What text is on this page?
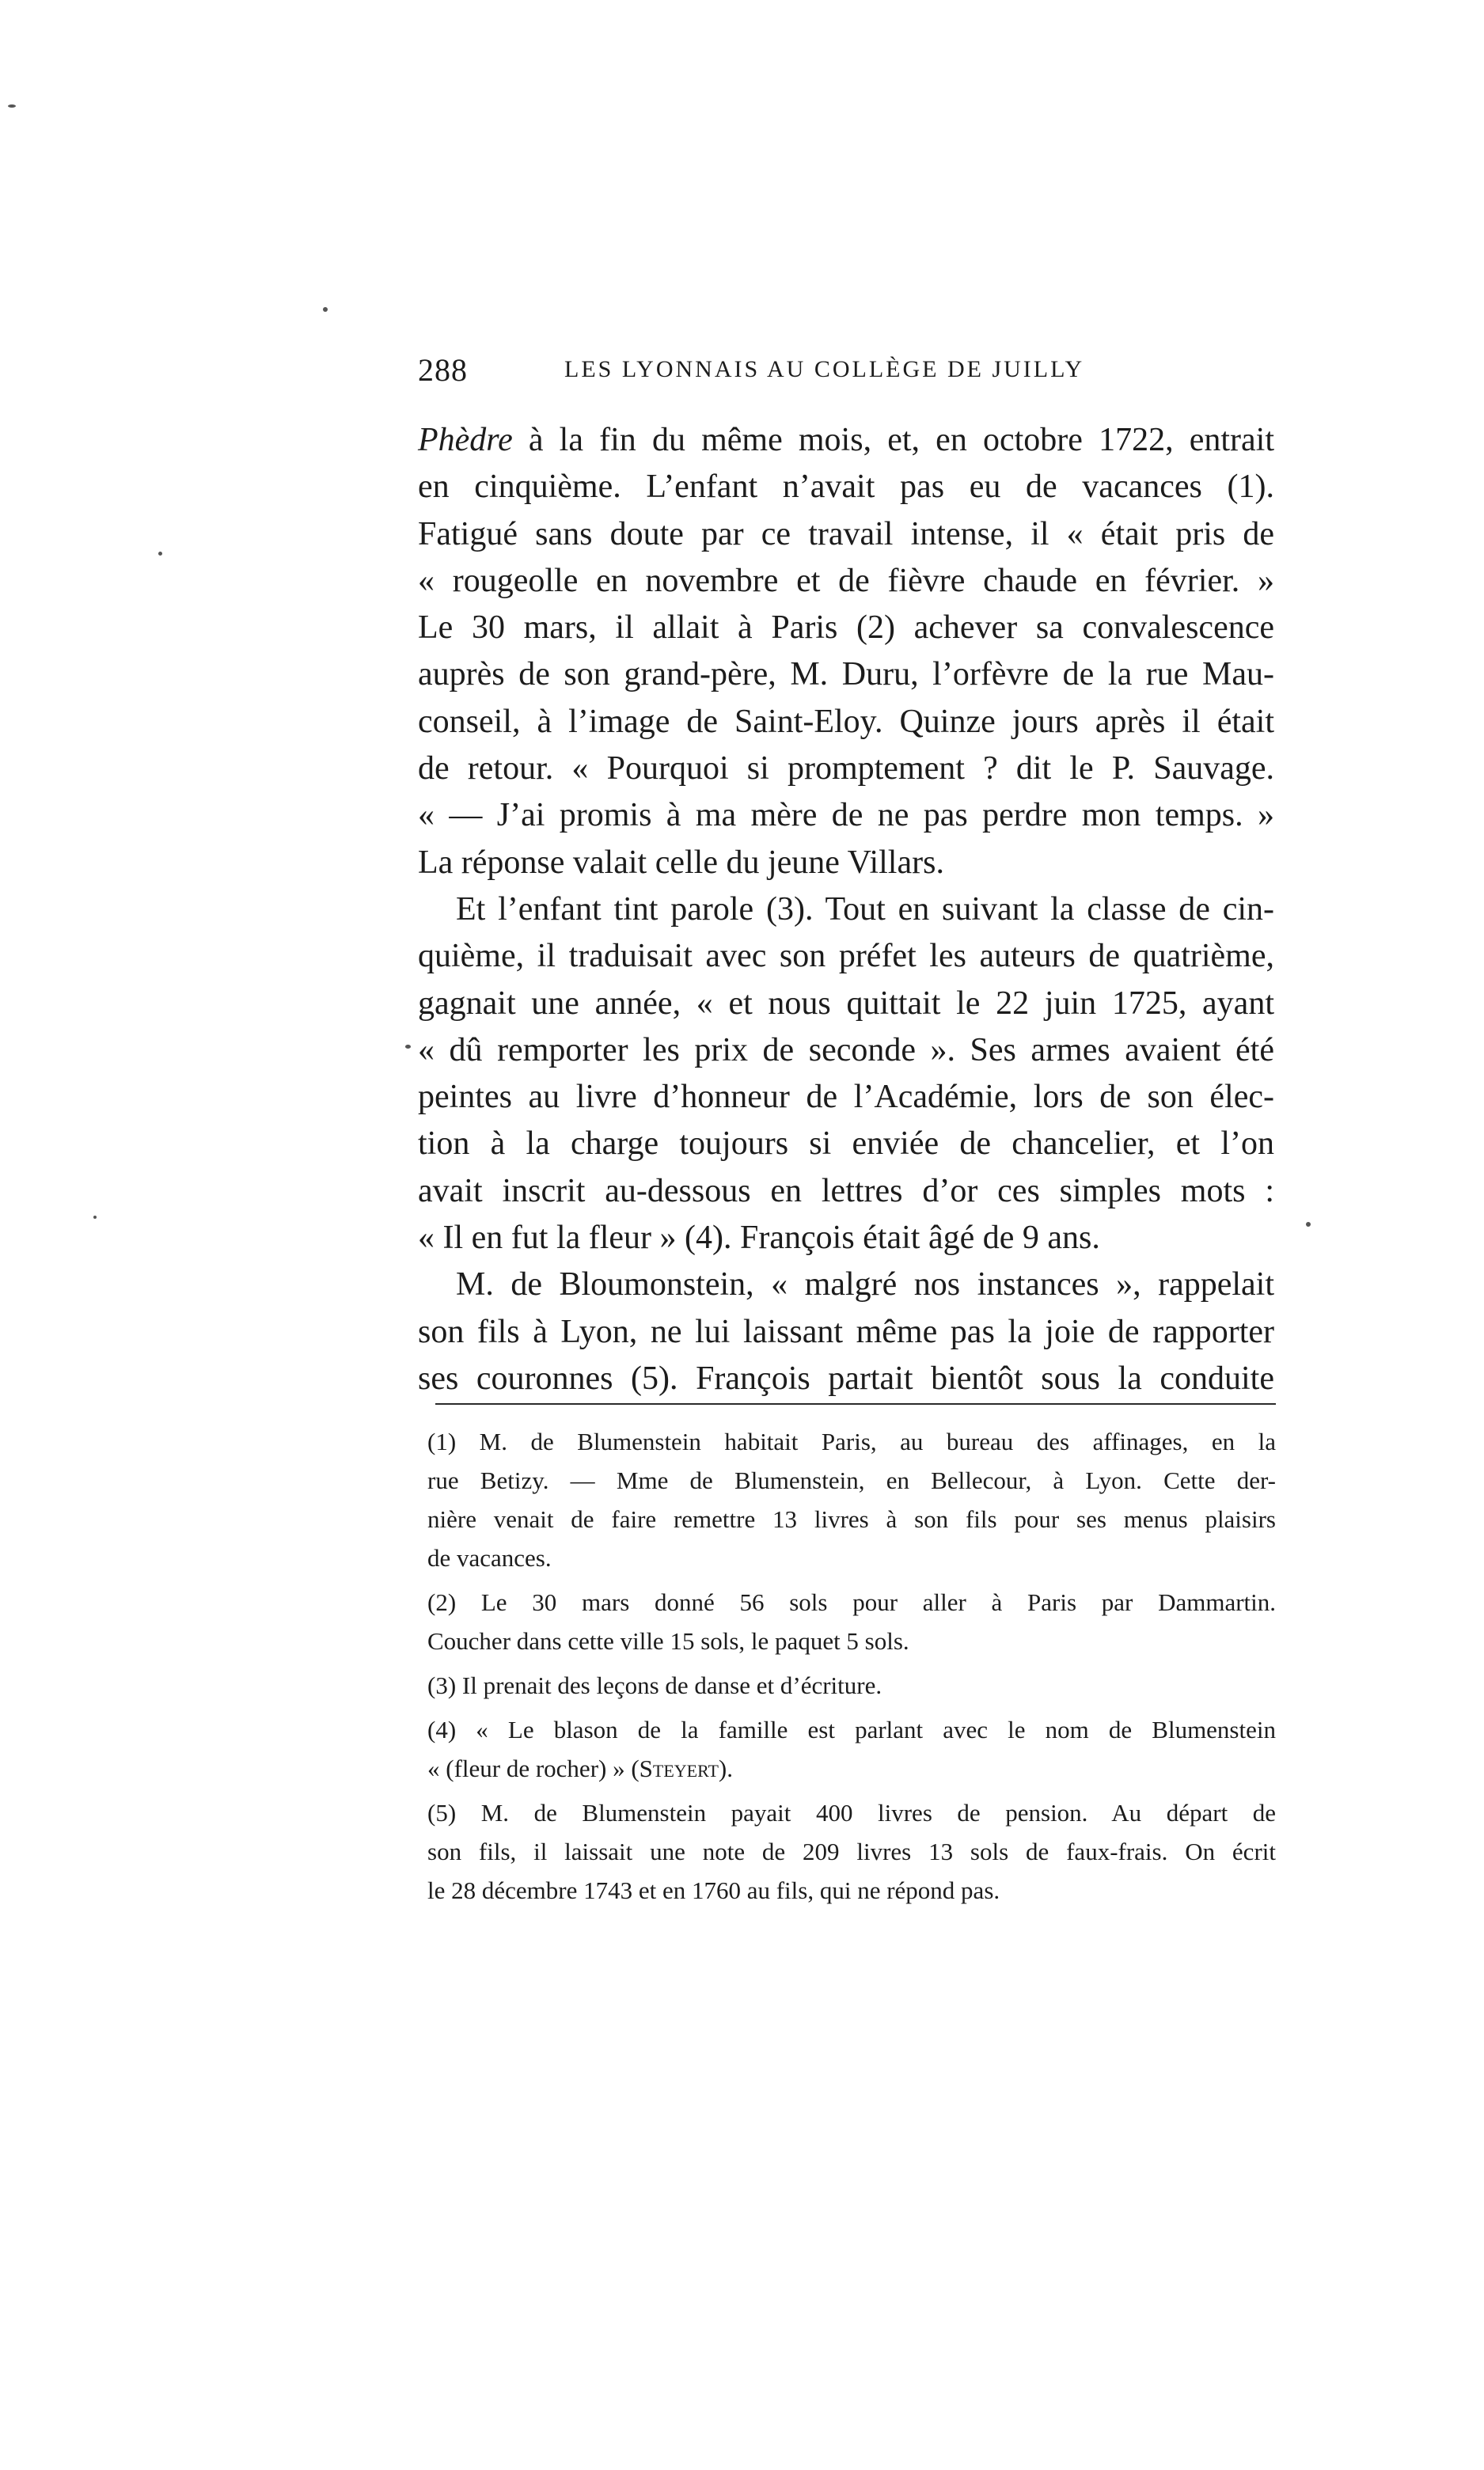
288	LES LYONNAIS AU COLLÈGE DE JUILLY
Phèdre à la fin du même mois, et, en octobre 1722, entrait
en cinquième. L’enfant n’avait pas eu de vacances (1).
Fatigué sans doute par ce travail intense, il « était pris de
« rougeolle en novembre et de fièvre chaude en février. »
Le 30 mars, il allait à Paris (2) achever sa convalescence
auprès de son grand-père, M. Duru, l’orfèvre de la rue Mau-
conseil, à l’image de Saint-Eloy. Quinze jours après il était
de retour. « Pourquoi si promptement ? dit le P. Sauvage.
« — J’ai promis à ma mère de ne pas perdre mon temps. »
La réponse valait celle du jeune Villars.
Et l’enfant tint parole (3). Tout en suivant la classe de cin-
quième, il traduisait avec son préfet les auteurs de quatrième,
gagnait une année, « et nous quittait le 22 juin 1725, ayant
« dû remporter les prix de seconde ». Ses armes avaient été
peintes au livre d’honneur de l’Académie, lors de son élec-
tion à la charge toujours si enviée de chancelier, et l’on
avait inscrit au-dessous en lettres d’or ces simples mots :
« Il en fut la fleur » (4). François était âgé de 9 ans.
M. de Bloumonstein, « malgré nos instances », rappelait
son fils à Lyon, ne lui laissant même pas la joie de rapporter
ses couronnes (5). François partait bientôt sous la conduite
(1) M. de Blumenstein habitait Paris, au bureau des affinages, en la
rue Betizy. — Mme de Blumenstein, en Bellecour, à Lyon. Cette der-
nière venait de faire remettre 13 livres à son fils pour ses menus plaisirs
de vacances.
(2) Le 30 mars donné 56 sols pour aller à Paris par Dammartin.
Coucher dans cette ville 15 sols, le paquet 5 sols.
(3) Il prenait des leçons de danse et d’écriture.
(4) « Le blason de la famille est parlant avec le nom de Blumenstein
« (fleur de rocher) » (Steyert).
(5) M. de Blumenstein payait 400 livres de pension. Au départ de
son fils, il laissait une note de 209 livres 13 sols de faux-frais. On écrit
le 28 décembre 1743 et en 1760 au fils, qui ne répond pas.
